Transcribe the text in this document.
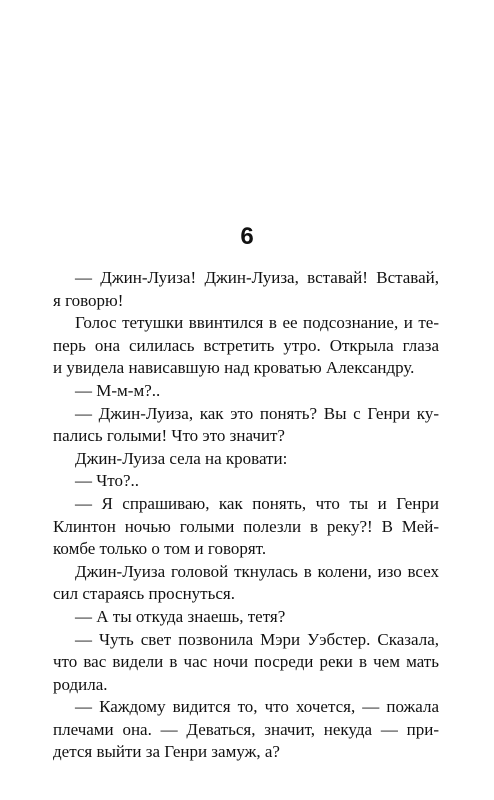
6
— Джин-Луиза! Джин-Луиза, вставай! Вставай,
я говорю!
Голос тетушки ввинтился в ее подсознание, и те-
перь она силилась встретить утро. Открыла глаза
и увидела нависавшую над кроватью Александру.
— М-м-м?..
— Джин-Луиза, как это понять? Вы с Генри ку-
пались голыми! Что это значит?
Джин-Луиза села на кровати:
— Что?..
— Я спрашиваю, как понять, что ты и Генри
Клинтон ночью голыми полезли в реку?! В Мей-
комбе только о том и говорят.
Джин-Луиза головой ткнулась в колени, изо всех
сил стараясь проснуться.
— А ты откуда знаешь, тетя?
— Чуть свет позвонила Мэри Уэбстер. Сказала,
что вас видели в час ночи посреди реки в чем мать
родила.
— Каждому видится то, что хочется, — пожала
плечами она. — Деваться, значит, некуда — при-
дется выйти за Генри замуж, а?
